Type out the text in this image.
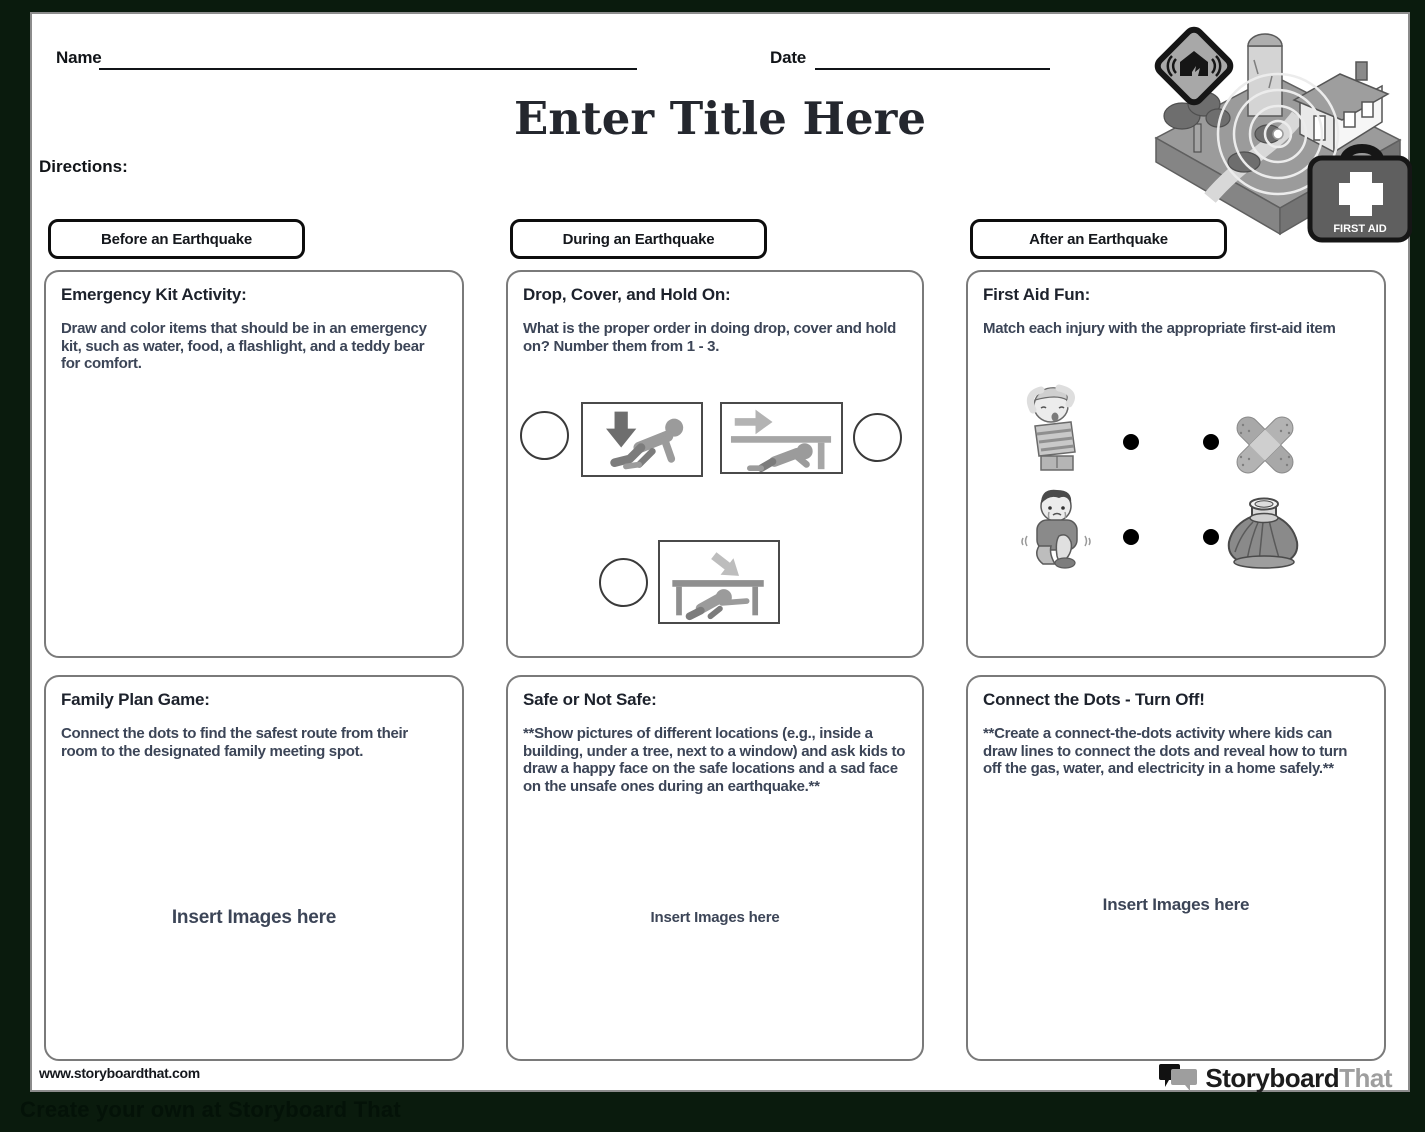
Name	Date
Enter Title Here
Directions:
FIRST AID
Before an Earthquake	During an Earthquake	After an Earthquake
Emergency Kit Activity:
Draw and color items that should be in an emergency kit, such as water, food, a flashlight, and a teddy bear for comfort.
Drop, Cover, and Hold On:
What is the proper order in doing drop, cover and hold on? Number them from 1 - 3.
First Aid Fun:
Match each injury with the appropriate first-aid item
Family Plan Game:
Connect the dots to find the safest route from their room to the designated family meeting spot.
Insert Images here
Safe or Not Safe:
**Show pictures of different locations (e.g., inside a building, under a tree, next to a window) and ask kids to draw a happy face on the safe locations and a sad face on the unsafe ones during an earthquake.**
Insert Images here
Connect the Dots - Turn Off!
**Create a connect-the-dots activity where kids can draw lines to connect the dots and reveal how to turn off the gas, water, and electricity in a home safely.**
Insert Images here
www.storyboardthat.com	StoryboardThat
Create your own at Storyboard That
